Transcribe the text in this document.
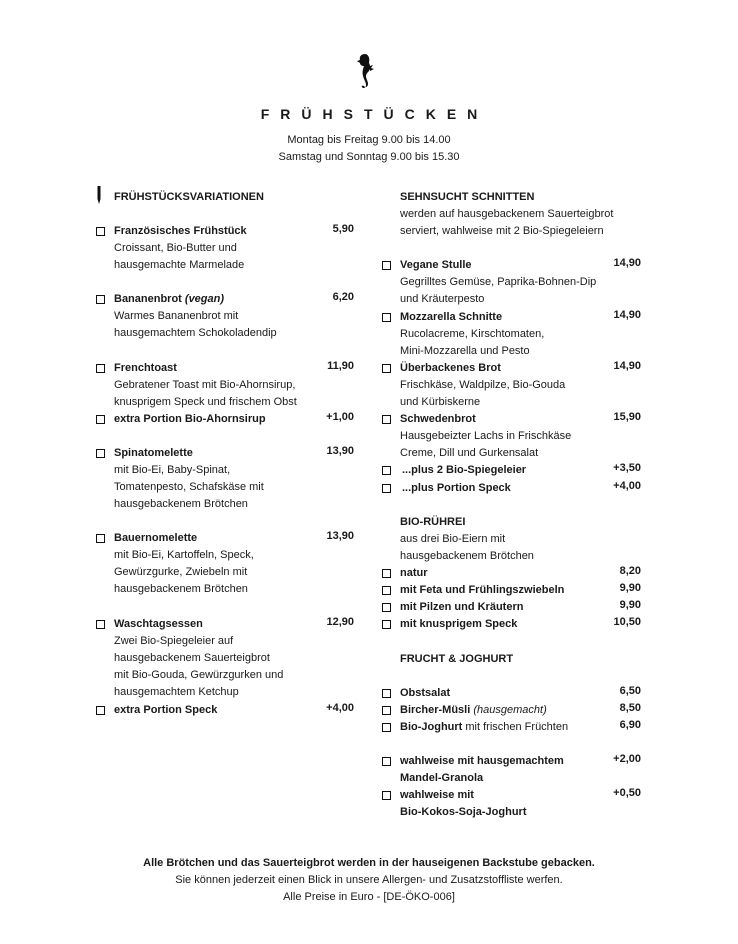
FRÜHSTÜCKEN
Montag bis Freitag 9.00 bis 14.00
Samstag und Sonntag 9.00 bis 15.30
FRÜHSTÜCKSVARIATIONEN
Französisches Frühstück	5,90
Croissant, Bio-Butter und
hausgemachte Marmelade
Bananenbrot (vegan)	6,20
Warmes Bananenbrot mit
hausgemachtem Schokoladendip
Frenchtoast	11,90
Gebratener Toast mit Bio-Ahornsirup,
knusprigem Speck und frischem Obst
extra Portion Bio-Ahornsirup	+1,00
Spinatomelette	13,90
mit Bio-Ei, Baby-Spinat,
Tomatenpesto, Schafskäse mit
hausgebackenem Brötchen
Bauernomelette	13,90
mit Bio-Ei, Kartoffeln, Speck,
Gewürzgurke, Zwiebeln mit
hausgebackenem Brötchen
Waschtagsessen	12,90
Zwei Bio-Spiegeleier auf
hausgebackenem Sauerteigbrot
mit Bio-Gouda, Gewürzgurken und
hausgemachtem Ketchup
extra Portion Speck	+4,00
SEHNSUCHT SCHNITTEN
werden auf hausgebackenem Sauerteigbrot
serviert, wahlweise mit 2 Bio-Spiegeleiern
Vegane Stulle	14,90
Gegrilltes Gemüse, Paprika-Bohnen-Dip
und Kräuterpesto
Mozzarella Schnitte	14,90
Rucolacreme, Kirschtomaten,
Mini-Mozzarella und Pesto
Überbackenes Brot	14,90
Frischkäse, Waldpilze, Bio-Gouda
und Kürbiskerne
Schwedenbrot	15,90
Hausgebeizter Lachs in Frischkäse
Creme, Dill und Gurkensalat
...plus 2 Bio-Spiegeleier	+3,50
...plus Portion Speck	+4,00
BIO-RÜHREI
aus drei Bio-Eiern mit
hausgebackenem Brötchen
natur	8,20
mit Feta und Frühlingszwiebeln	9,90
mit Pilzen und Kräutern	9,90
mit knusprigem Speck	10,50
FRUCHT & JOGHURT
Obstsalat	6,50
Bircher-Müsli (hausgemacht)	8,50
Bio-Joghurt mit frischen Früchten	6,90
wahlweise mit hausgemachtem	+2,00
Mandel-Granola
wahlweise mit	+0,50
Bio-Kokos-Soja-Joghurt
Alle Brötchen und das Sauerteigbrot werden in der hauseigenen Backstube gebacken.
Sie können jederzeit einen Blick in unsere Allergen- und Zusatzstoffliste werfen.
Alle Preise in Euro - [DE-ÖKO-006]
